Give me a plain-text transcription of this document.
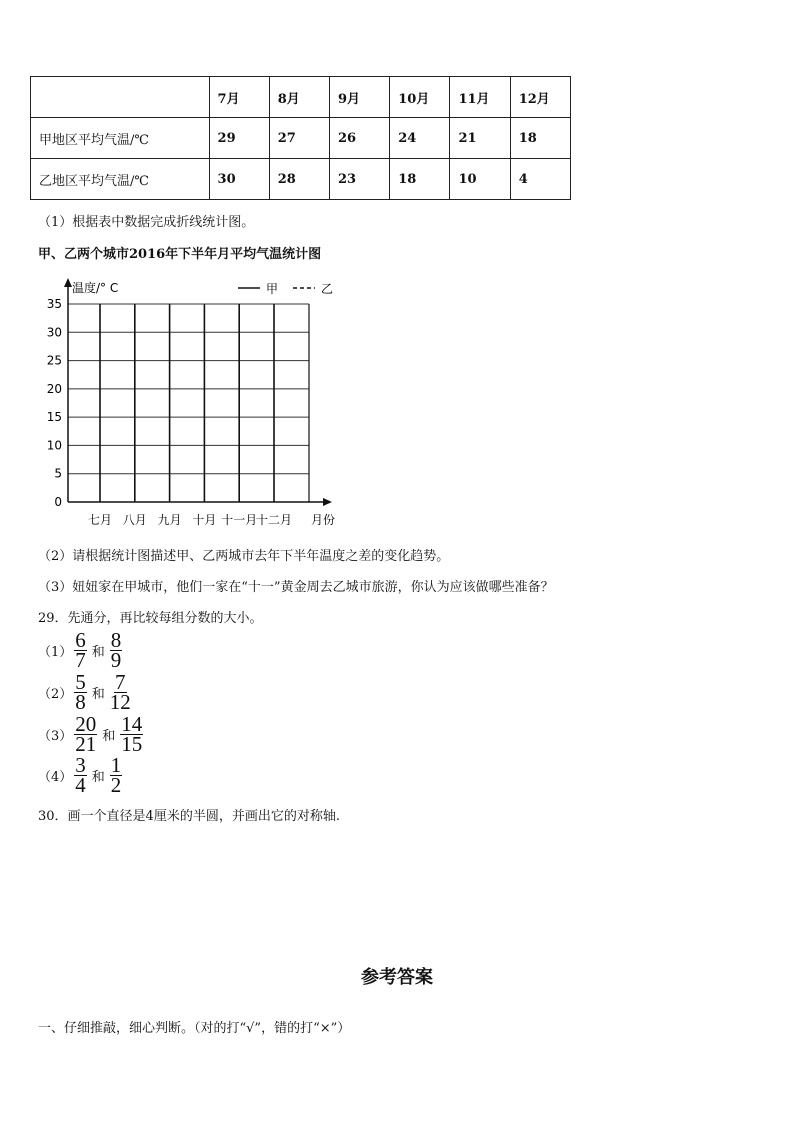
	7月	8月	9月	10月	11月	12月
甲地区平均气温/℃	29	27	26	24	21	18
乙地区平均气温/℃	30	28	23	18	10	4
（1）根据表中数据完成折线统计图。
甲、乙两个城市2016年下半年月平均气温统计图
0
5
10
15
20
25
30
35
七月 八月 九月 十月 十一月
十二月
温度/° C
月份
甲	乙
（2）请根据统计图描述甲、乙两城市去年下半年温度之差的变化趋势。
（3）妞妞家在甲城市，他们一家在“十一”黄金周去乙城市旅游，你认为应该做哪些准备？
29．先通分，再比较每组分数的大小。
$(1) \frac{6}{7}$ 和 $\frac{8}{9}$
$(2) \frac{5}{8}$ 和 $\frac{7}{12}$
$(3) \frac{20}{21}$ 和 $\frac{14}{15}$
$(4) \frac{3}{4}$ 和 $\frac{1}{2}$
30．画一个直径是4厘米的半圆，并画出它的对称轴.
参考答案
一、仔细推敲，细心判断。（对的打“√”，错的打“×”）
